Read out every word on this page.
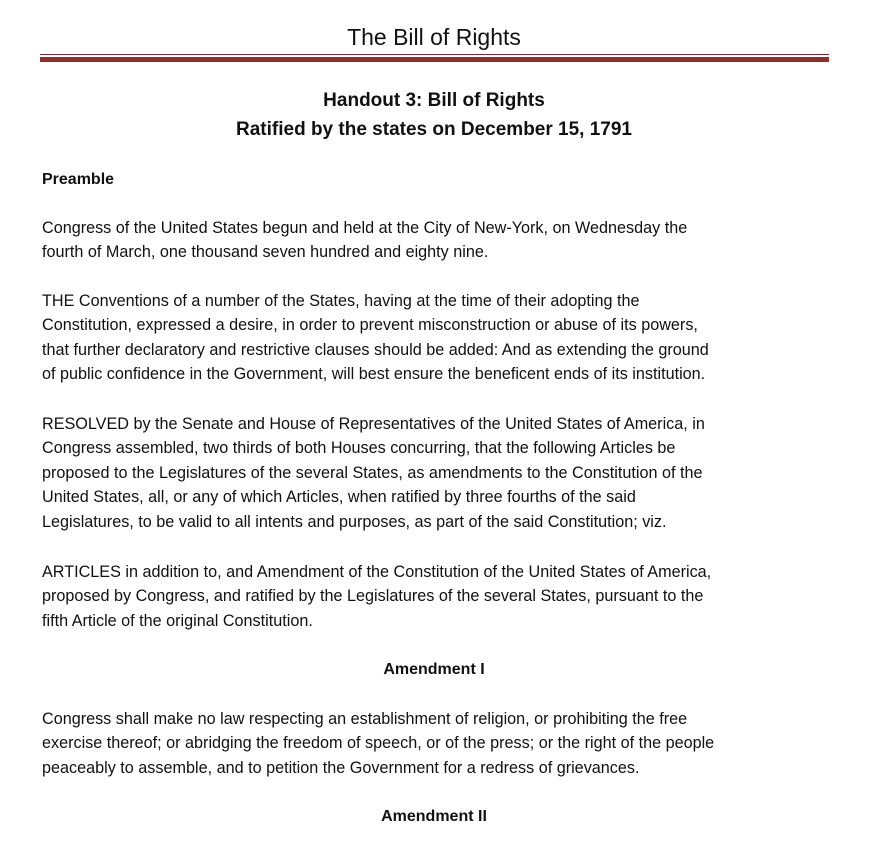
The Bill of Rights
Handout 3: Bill of Rights
Ratified by the states on December 15, 1791
Preamble

Congress of the United States begun and held at the City of New-York, on Wednesday the
fourth of March, one thousand seven hundred and eighty nine.

THE Conventions of a number of the States, having at the time of their adopting the
Constitution, expressed a desire, in order to prevent misconstruction or abuse of its powers,
that further declaratory and restrictive clauses should be added: And as extending the ground
of public confidence in the Government, will best ensure the beneficent ends of its institution.

RESOLVED by the Senate and House of Representatives of the United States of America, in
Congress assembled, two thirds of both Houses concurring, that the following Articles be
proposed to the Legislatures of the several States, as amendments to the Constitution of the
United States, all, or any of which Articles, when ratified by three fourths of the said
Legislatures, to be valid to all intents and purposes, as part of the said Constitution; viz.

ARTICLES in addition to, and Amendment of the Constitution of the United States of America,
proposed by Congress, and ratified by the Legislatures of the several States, pursuant to the
fifth Article of the original Constitution.

Amendment I

Congress shall make no law respecting an establishment of religion, or prohibiting the free
exercise thereof; or abridging the freedom of speech, or of the press; or the right of the people
peaceably to assemble, and to petition the Government for a redress of grievances.

Amendment II
